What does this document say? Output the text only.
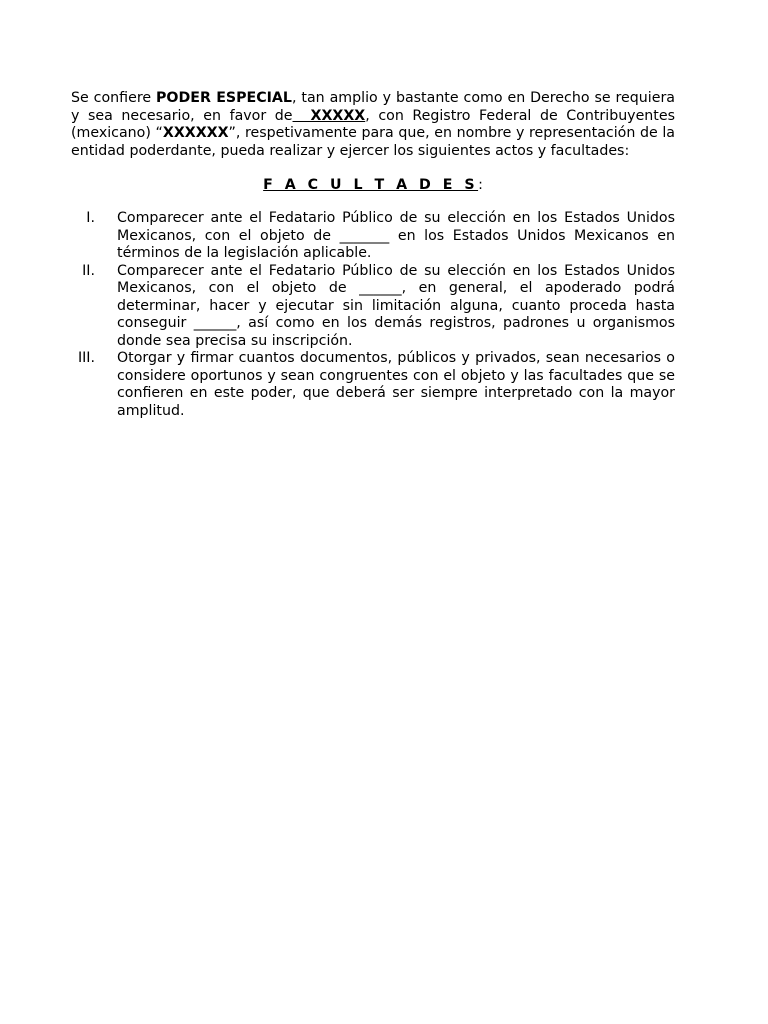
Se confiere PODER ESPECIAL, tan amplio y bastante como en Derecho se requiera y sea necesario, en favor de  XXXXX, con Registro Federal de Contribuyentes (mexicano) “XXXXXX”, respetivamente para que, en nombre y representación de la entidad poderdante, pueda realizar y ejercer los siguientes actos y facultades:

F A C U L T A D E S:
I. Comparecer ante el Fedatario Público de su elección en los Estados Unidos Mexicanos, con el objeto de _______ en los Estados Unidos Mexicanos en términos de la legislación aplicable.
II. Comparecer ante el Fedatario Público de su elección en los Estados Unidos Mexicanos, con el objeto de ______, en general, el apoderado podrá determinar, hacer y ejecutar sin limitación alguna, cuanto proceda hasta conseguir ______, así como en los demás registros, padrones u organismos donde sea precisa su inscripción.
III. Otorgar y firmar cuantos documentos, públicos y privados, sean necesarios o considere oportunos y sean congruentes con el objeto y las facultades que se confieren en este poder, que deberá ser siempre interpretado con la mayor amplitud.
